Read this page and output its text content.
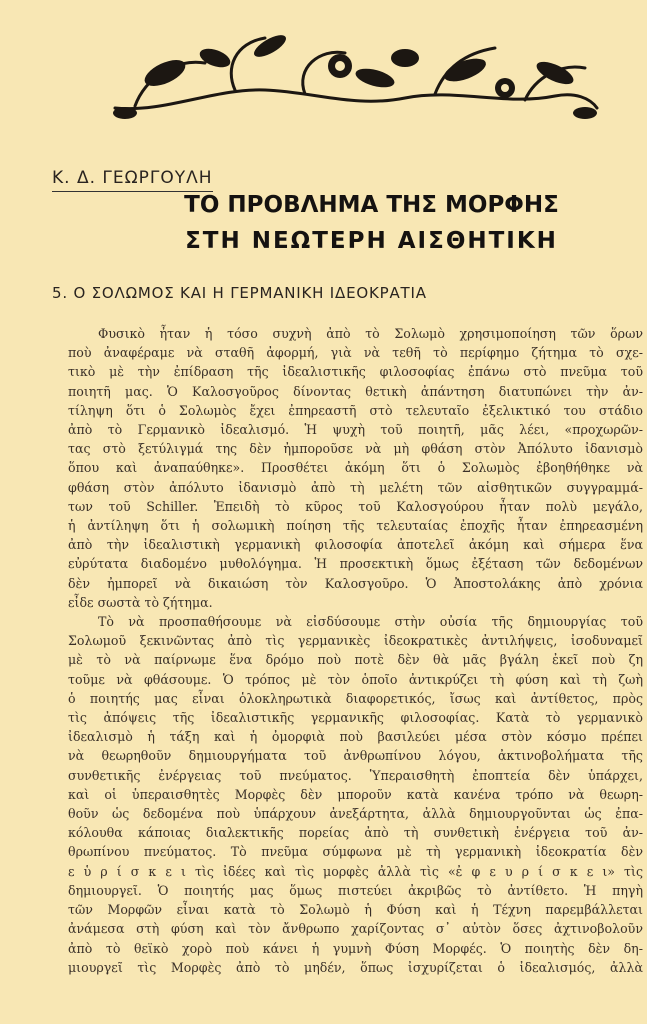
Κ. Δ. ΓΕΩΡΓΟΥΛΗ
ΤΟ ΠΡΟΒΛΗΜΑ ΤΗΣ ΜΟΡΦΗΣ
ΣΤΗ ΝΕΩΤΕΡΗ ΑΙΣΘΗΤΙΚΗ
5. Ο ΣΟΛΩΜΟΣ ΚΑΙ Η ΓΕΡΜΑΝΙΚΗ ΙΔΕΟΚΡΑΤΙΑ
Φυσικὸ ἦταν ἡ τόσο συχνὴ ἀπὸ τὸ Σολωμὸ χρησιμοποίηση τῶν ὅρων
ποὺ ἀναφέραμε νὰ σταθῆ ἀφορμή, γιὰ νὰ τεθῆ τὸ περίφημο ζήτημα τὸ σχε-
τικὸ μὲ τὴν ἐπίδραση τῆς ἰδεαλιστικῆς φιλοσοφίας ἐπάνω στὸ πνεῦμα τοῦ
ποιητῆ μας. Ὁ Καλοσγοῦρος δίνοντας θετικὴ ἀπάντηση διατυπώνει τὴν ἀν-
τίληψη ὅτι ὁ Σολωμὸς ἔχει ἐπηρεαστῆ στὸ τελευταῖο ἐξελικτικό του στάδιο
ἀπὸ τὸ Γερμανικὸ ἰδεαλισμό. Ἡ ψυχὴ τοῦ ποιητῆ, μᾶς λέει, «προχωρῶν-
τας στὸ ξετύλιγμά της δὲν ἠμποροῦσε νὰ μὴ φθάση στὸν Ἀπόλυτο ἰδανισμὸ
ὅπου καὶ ἀναπαύθηκε». Προσθέτει ἀκόμη ὅτι ὁ Σολωμὸς ἐβοηθήθηκε νὰ
φθάση στὸν ἀπόλυτο ἰδανισμὸ ἀπὸ τὴ μελέτη τῶν αἰσθητικῶν συγγραμμά-
των τοῦ Schiller. Ἐπειδὴ τὸ κῦρος τοῦ Καλοσγούρου ἦταν πολὺ μεγάλο,
ἡ ἀντίληψη ὅτι ἡ σολωμικὴ ποίηση τῆς τελευταίας ἐποχῆς ἦταν ἐπηρεασμένη
ἀπὸ τὴν ἰδεαλιστικὴ γερμανικὴ φιλοσοφία ἀποτελεῖ ἀκόμη καὶ σήμερα ἕνα
εὐρύτατα διαδομένο μυθολόγημα. Ἡ προσεκτικὴ ὅμως ἐξέταση τῶν δεδομένων
δὲν ἠμπορεῖ νὰ δικαιώση τὸν Καλοσγοῦρο. Ὁ Ἀποστολάκης ἀπὸ χρόνια
εἶδε σωστὰ τὸ ζήτημα.
Τὸ νὰ προσπαθήσουμε νὰ εἰσδύσουμε στὴν οὐσία τῆς δημιουργίας τοῦ
Σολωμοῦ ξεκινῶντας ἀπὸ τὶς γερμανικὲς ἰδεοκρατικὲς ἀντιλήψεις, ἰσοδυναμεῖ
μὲ τὸ νὰ παίρνωμε ἕνα δρόμο ποὺ ποτὲ δὲν θὰ μᾶς βγάλη ἐκεῖ ποὺ ζη
τοῦμε νὰ φθάσουμε. Ὁ τρόπος μὲ τὸν ὁποῖο ἀντικρύζει τὴ φύση καὶ τὴ ζωὴ
ὁ ποιητής μας εἶναι ὁλοκληρωτικὰ διαφορετικός, ἴσως καὶ ἀντίθετος, πρὸς
τὶς ἀπόψεις τῆς ἰδεαλιστικῆς γερμανικῆς φιλοσοφίας. Κατὰ τὸ γερμανικὸ
ἰδεαλισμὸ ἡ τάξη καὶ ἡ ὀμορφιὰ ποὺ βασιλεύει μέσα στὸν κόσμο πρέπει
νὰ θεωρηθοῦν δημιουργήματα τοῦ ἀνθρωπίνου λόγου, ἀκτινοβολήματα τῆς
συνθετικῆς ἐνέργειας τοῦ πνεύματος. Ὑπεραισθητὴ ἐποπτεία δὲν ὑπάρχει,
καὶ οἱ ὑπεραισθητὲς Μορφὲς δὲν μποροῦν κατὰ κανένα τρόπο νὰ θεωρη-
θοῦν ὡς δεδομένα ποὺ ὑπάρχουν ἀνεξάρτητα, ἀλλὰ δημιουργοῦνται ὡς ἐπα-
κόλουθα κάποιας διαλεκτικῆς πορείας ἀπὸ τὴ συνθετικὴ ἐνέργεια τοῦ ἀν-
θρωπίνου πνεύματος. Τὸ πνεῦμα σύμφωνα μὲ τὴ γερμανικὴ ἰδεοκρατία δὲν
ε ὑ ρ ί σ κ ε ι τὶς ἰδέες καὶ τὶς μορφὲς ἀλλὰ τὶς «ἐ φ ε υ ρ ί σ κ ε ι» τὶς
δημιουργεῖ. Ὁ ποιητής μας ὅμως πιστεύει ἀκριβῶς τὸ ἀντίθετο. Ἡ πηγὴ
τῶν Μορφῶν εἶναι κατὰ τὸ Σολωμὸ ἡ Φύση καὶ ἡ Τέχνη παρεμβάλλεται
ἀνάμεσα στὴ φύση καὶ τὸν ἄνθρωπο χαρίζοντας σ᾿ αὐτὸν ὅσες ἀχτινοβολοῦν
ἀπὸ τὸ θεϊκὸ χορὸ ποὺ κάνει ἡ γυμνὴ Φύση Μορφές. Ὁ ποιητὴς δὲν δη-
μιουργεῖ τὶς Μορφὲς ἀπὸ τὸ μηδέν, ὅπως ἰσχυρίζεται ὁ ἰδεαλισμός, ἀλλὰ
